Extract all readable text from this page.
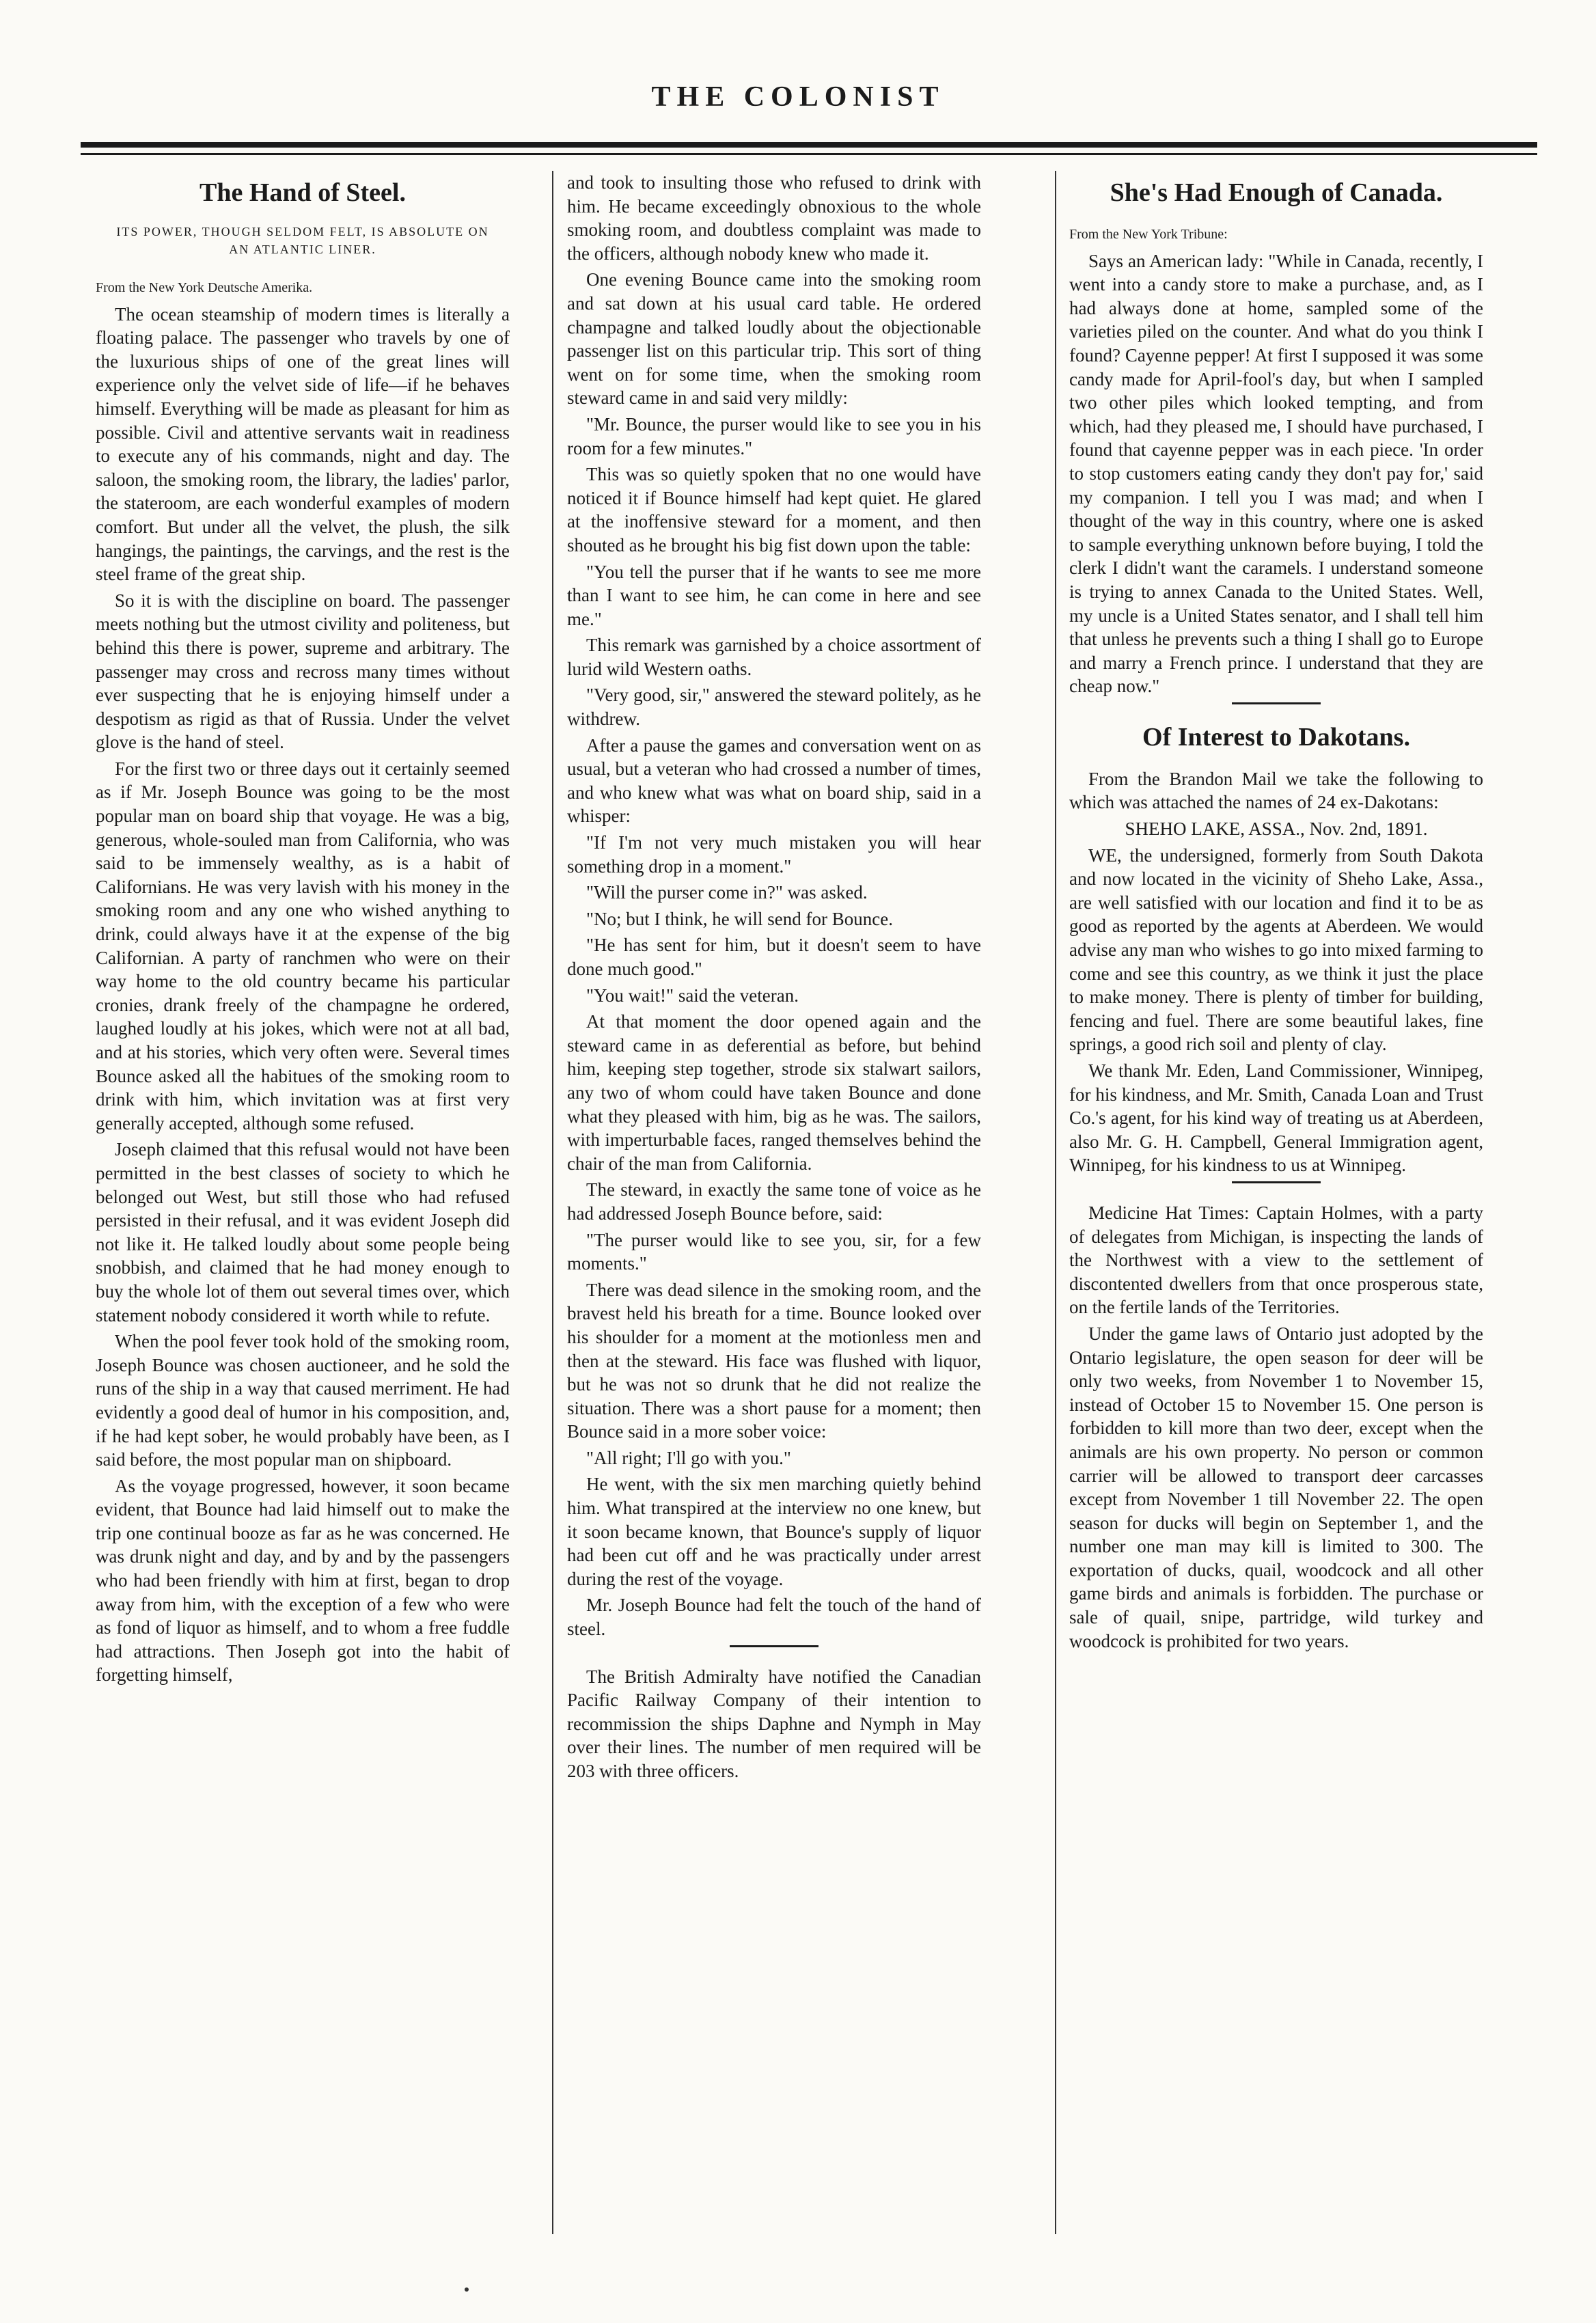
THE COLONIST
The Hand of Steel.
ITS POWER, THOUGH SELDOM FELT, IS ABSOLUTE ON AN ATLANTIC LINER.

From the New York Deutsche Amerika.

The ocean steamship of modern times is literally a floating palace. The passenger who travels by one of the luxurious ships of one of the great lines will experience only the velvet side of life—if he behaves himself. Everything will be made as pleasant for him as possible. Civil and attentive servants wait in readiness to execute any of his commands, night and day. The saloon, the smoking room, the library, the ladies' parlor, the stateroom, are each wonderful examples of modern comfort. But under all the velvet, the plush, the silk hangings, the paintings, the carvings, and the rest is the steel frame of the great ship.

So it is with the discipline on board. The passenger meets nothing but the utmost civility and politeness, but behind this there is power, supreme and arbitrary. The passenger may cross and recross many times without ever suspecting that he is enjoying himself under a despotism as rigid as that of Russia. Under the velvet glove is the hand of steel.

For the first two or three days out it certainly seemed as if Mr. Joseph Bounce was going to be the most popular man on board ship that voyage. He was a big, generous, whole-souled man from California, who was said to be immensely wealthy, as is a habit of Californians. He was very lavish with his money in the smoking room and any one who wished anything to drink, could always have it at the expense of the big Californian. A party of ranchmen who were on their way home to the old country became his particular cronies, drank freely of the champagne he ordered, laughed loudly at his jokes, which were not at all bad, and at his stories, which very often were. Several times Bounce asked all the habitues of the smoking room to drink with him, which invitation was at first very generally accepted, although some refused.

Joseph claimed that this refusal would not have been permitted in the best classes of society to which he belonged out West, but still those who had refused persisted in their refusal, and it was evident Joseph did not like it. He talked loudly about some people being snobbish, and claimed that he had money enough to buy the whole lot of them out several times over, which statement nobody considered it worth while to refute.

When the pool fever took hold of the smoking room, Joseph Bounce was chosen auctioneer, and he sold the runs of the ship in a way that caused merriment. He had evidently a good deal of humor in his composition, and, if he had kept sober, he would probably have been, as I said before, the most popular man on shipboard.

As the voyage progressed, however, it soon became evident, that Bounce had laid himself out to make the trip one continual booze as far as he was concerned. He was drunk night and day, and by and by the passengers who had been friendly with him at first, began to drop away from him, with the exception of a few who were as fond of liquor as himself, and to whom a free fuddle had attractions. Then Joseph got into the habit of forgetting himself,

and took to insulting those who refused to drink with him. He became exceedingly obnoxious to the whole smoking room, and doubtless complaint was made to the officers, although nobody knew who made it.

One evening Bounce came into the smoking room and sat down at his usual card table. He ordered champagne and talked loudly about the objectionable passenger list on this particular trip. This sort of thing went on for some time, when the smoking room steward came in and said very mildly:

"Mr. Bounce, the purser would like to see you in his room for a few minutes."

This was so quietly spoken that no one would have noticed it if Bounce himself had kept quiet. He glared at the inoffensive steward for a moment, and then shouted as he brought his big fist down upon the table:

"You tell the purser that if he wants to see me more than I want to see him, he can come in here and see me."

This remark was garnished by a choice assortment of lurid wild Western oaths.

"Very good, sir," answered the steward politely, as he withdrew.

After a pause the games and conversation went on as usual, but a veteran who had crossed a number of times, and who knew what was what on board ship, said in a whisper:

"If I'm not very much mistaken you will hear something drop in a moment."

"Will the purser come in?" was asked.

"No; but I think, he will send for Bounce.

"He has sent for him, but it doesn't seem to have done much good."

"You wait!" said the veteran.

At that moment the door opened again and the steward came in as deferential as before, but behind him, keeping step together, strode six stalwart sailors, any two of whom could have taken Bounce and done what they pleased with him, big as he was. The sailors, with imperturbable faces, ranged themselves behind the chair of the man from California.

The steward, in exactly the same tone of voice as he had addressed Joseph Bounce before, said:

"The purser would like to see you, sir, for a few moments."

There was dead silence in the smoking room, and the bravest held his breath for a time. Bounce looked over his shoulder for a moment at the motionless men and then at the steward. His face was flushed with liquor, but he was not so drunk that he did not realize the situation. There was a short pause for a moment; then Bounce said in a more sober voice:

"All right; I'll go with you."

He went, with the six men marching quietly behind him. What transpired at the interview no one knew, but it soon became known, that Bounce's supply of liquor had been cut off and he was practically under arrest during the rest of the voyage.

Mr. Joseph Bounce had felt the touch of the hand of steel.

The British Admiralty have notified the Canadian Pacific Railway Company of their intention to recommission the ships Daphne and Nymph in May over their lines. The number of men required will be 203 with three officers.

She's Had Enough of Canada.

From the New York Tribune:

Says an American lady: "While in Canada, recently, I went into a candy store to make a purchase, and, as I had always done at home, sampled some of the varieties piled on the counter. And what do you think I found? Cayenne pepper! At first I supposed it was some candy made for April-fool's day, but when I sampled two other piles which looked tempting, and from which, had they pleased me, I should have purchased, I found that cayenne pepper was in each piece. 'In order to stop customers eating candy they don't pay for,' said my companion. I tell you I was mad; and when I thought of the way in this country, where one is asked to sample everything unknown before buying, I told the clerk I didn't want the caramels. I understand someone is trying to annex Canada to the United States. Well, my uncle is a United States senator, and I shall tell him that unless he prevents such a thing I shall go to Europe and marry a French prince. I understand that they are cheap now."

Of Interest to Dakotans.

From the Brandon Mail we take the following to which was attached the names of 24 ex-Dakotans:

SHEHO LAKE, ASSA., Nov. 2nd, 1891.

WE, the undersigned, formerly from South Dakota and now located in the vicinity of Sheho Lake, Assa., are well satisfied with our location and find it to be as good as reported by the agents at Aberdeen. We would advise any man who wishes to go into mixed farming to come and see this country, as we think it just the place to make money. There is plenty of timber for building, fencing and fuel. There are some beautiful lakes, fine springs, a good rich soil and plenty of clay.

We thank Mr. Eden, Land Commissioner, Winnipeg, for his kindness, and Mr. Smith, Canada Loan and Trust Co.'s agent, for his kind way of treating us at Aberdeen, also Mr. G. H. Campbell, General Immigration agent, Winnipeg, for his kindness to us at Winnipeg.

Medicine Hat Times: Captain Holmes, with a party of delegates from Michigan, is inspecting the lands of the Northwest with a view to the settlement of discontented dwellers from that once prosperous state, on the fertile lands of the Territories.

Under the game laws of Ontario just adopted by the Ontario legislature, the open season for deer will be only two weeks, from November 1 to November 15, instead of October 15 to November 15. One person is forbidden to kill more than two deer, except when the animals are his own property. No person or common carrier will be allowed to transport deer carcasses except from November 1 till November 22. The open season for ducks will begin on September 1, and the number one man may kill is limited to 300. The exportation of ducks, quail, woodcock and all other game birds and animals is forbidden. The purchase or sale of quail, snipe, partridge, wild turkey and woodcock is prohibited for two years.
